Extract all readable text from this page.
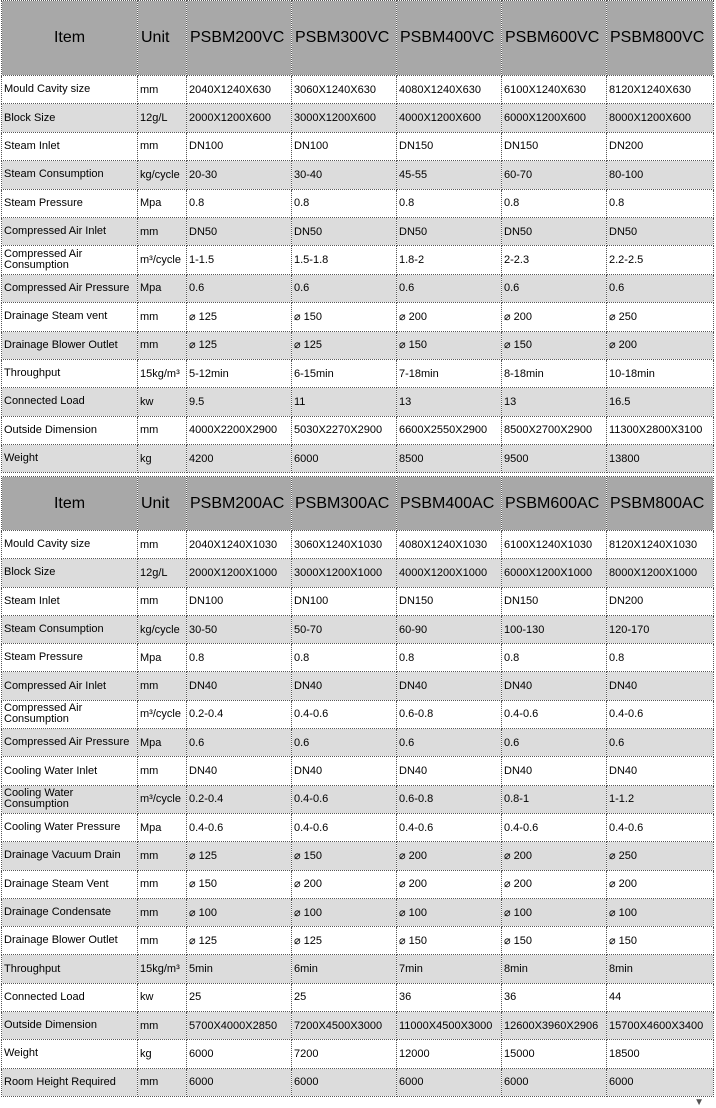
Item	Unit	PSBM200VC	PSBM300VC	PSBM400VC	PSBM600VC	PSBM800VC
Mould Cavity size	mm	2040X1240X630	3060X1240X630	4080X1240X630	6100X1240X630	8120X1240X630
Block Size	12g/L	2000X1200X600	3000X1200X600	4000X1200X600	6000X1200X600	8000X1200X600
Steam Inlet	mm	DN100	DN100	DN150	DN150	DN200
Steam Consumption	kg/cycle	20-30	30-40	45-55	60-70	80-100
Steam Pressure	Mpa	0.8	0.8	0.8	0.8	0.8
Compressed Air Inlet	mm	DN50	DN50	DN50	DN50	DN50
Compressed Air Consumption	m³/cycle	1-1.5	1.5-1.8	1.8-2	2-2.3	2.2-2.5
Compressed Air Pressure	Mpa	0.6	0.6	0.6	0.6	0.6
Drainage Steam vent	mm	⌀ 125	⌀ 150	⌀ 200	⌀ 200	⌀ 250
Drainage Blower Outlet	mm	⌀ 125	⌀ 125	⌀ 150	⌀ 150	⌀ 200
Throughput	15kg/m³	5-12min	6-15min	7-18min	8-18min	10-18min
Connected Load	kw	9.5	11	13	13	16.5
Outside Dimension	mm	4000X2200X2900	5030X2270X2900	6600X2550X2900	8500X2700X2900	11300X2800X3100
Weight	kg	4200	6000	8500	9500	13800
Item	Unit	PSBM200AC	PSBM300AC	PSBM400AC	PSBM600AC	PSBM800AC
Mould Cavity size	mm	2040X1240X1030	3060X1240X1030	4080X1240X1030	6100X1240X1030	8120X1240X1030
Block Size	12g/L	2000X1200X1000	3000X1200X1000	4000X1200X1000	6000X1200X1000	8000X1200X1000
Steam Inlet	mm	DN100	DN100	DN150	DN150	DN200
Steam Consumption	kg/cycle	30-50	50-70	60-90	100-130	120-170
Steam Pressure	Mpa	0.8	0.8	0.8	0.8	0.8
Compressed Air Inlet	mm	DN40	DN40	DN40	DN40	DN40
Compressed Air Consumption	m³/cycle	0.2-0.4	0.4-0.6	0.6-0.8	0.4-0.6	0.4-0.6
Compressed Air Pressure	Mpa	0.6	0.6	0.6	0.6	0.6
Cooling Water Inlet	mm	DN40	DN40	DN40	DN40	DN40
Cooling Water Consumption	m³/cycle	0.2-0.4	0.4-0.6	0.6-0.8	0.8-1	1-1.2
Cooling Water Pressure	Mpa	0.4-0.6	0.4-0.6	0.4-0.6	0.4-0.6	0.4-0.6
Drainage Vacuum Drain	mm	⌀ 125	⌀ 150	⌀ 200	⌀ 200	⌀ 250
Drainage Steam Vent	mm	⌀ 150	⌀ 200	⌀ 200	⌀ 200	⌀ 200
Drainage Condensate	mm	⌀ 100	⌀ 100	⌀ 100	⌀ 100	⌀ 100
Drainage Blower Outlet	mm	⌀ 125	⌀ 125	⌀ 150	⌀ 150	⌀ 150
Throughput	15kg/m³	5min	6min	7min	8min	8min
Connected Load	kw	25	25	36	36	44
Outside Dimension	mm	5700X4000X2850	7200X4500X3000	11000X4500X3000	12600X3960X2906	15700X4600X3400
Weight	kg	6000	7200	12000	15000	18500
Room Height Required	mm	6000	6000	6000	6000	6000
▼
